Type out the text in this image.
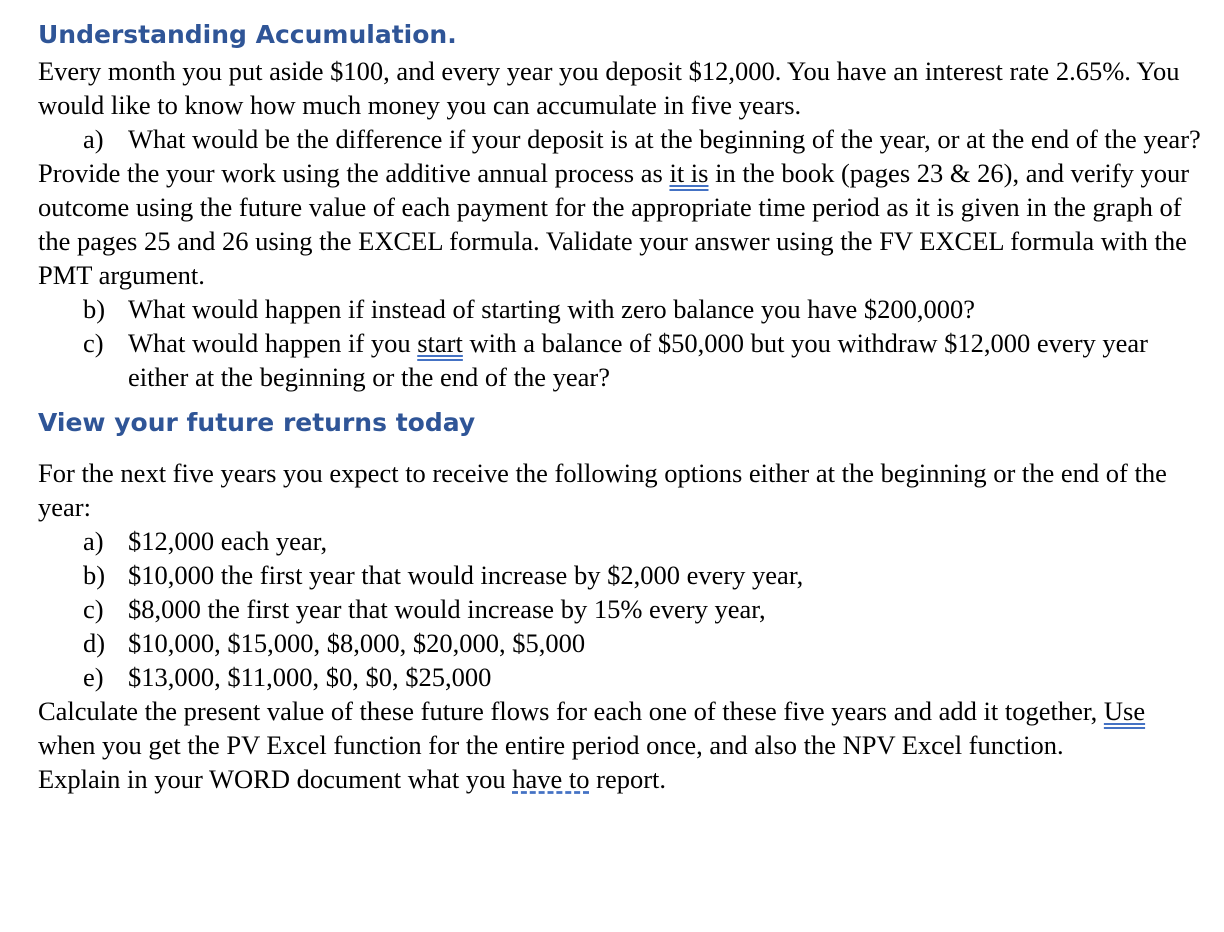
Understanding Accumulation.

Every month you put aside $100, and every year you deposit $12,000. You have an interest rate 2.65%. You would like to know how much money you can accumulate in five years.

a) What would be the difference if your deposit is at the beginning of the year, or at the end of the year?

Provide the your work using the additive annual process as it is in the book (pages 23 & 26), and verify your outcome using the future value of each payment for the appropriate time period as it is given in the graph of the pages 25 and 26 using the EXCEL formula. Validate your answer using the FV EXCEL formula with the PMT argument.

b) What would happen if instead of starting with zero balance you have $200,000?
c) What would happen if you start with a balance of $50,000 but you withdraw $12,000 every year either at the beginning or the end of the year?
View your future returns today

For the next five years you expect to receive the following options either at the beginning or the end of the year:

a) $12,000 each year,
b) $10,000 the first year that would increase by $2,000 every year,
c) $8,000 the first year that would increase by 15% every year,
d) $10,000, $15,000, $8,000, $20,000, $5,000
e) $13,000, $11,000, $0, $0, $25,000

Calculate the present value of these future flows for each one of these five years and add it together, Use when you get the PV Excel function for the entire period once, and also the NPV Excel function.

Explain in your WORD document what you have to report.
